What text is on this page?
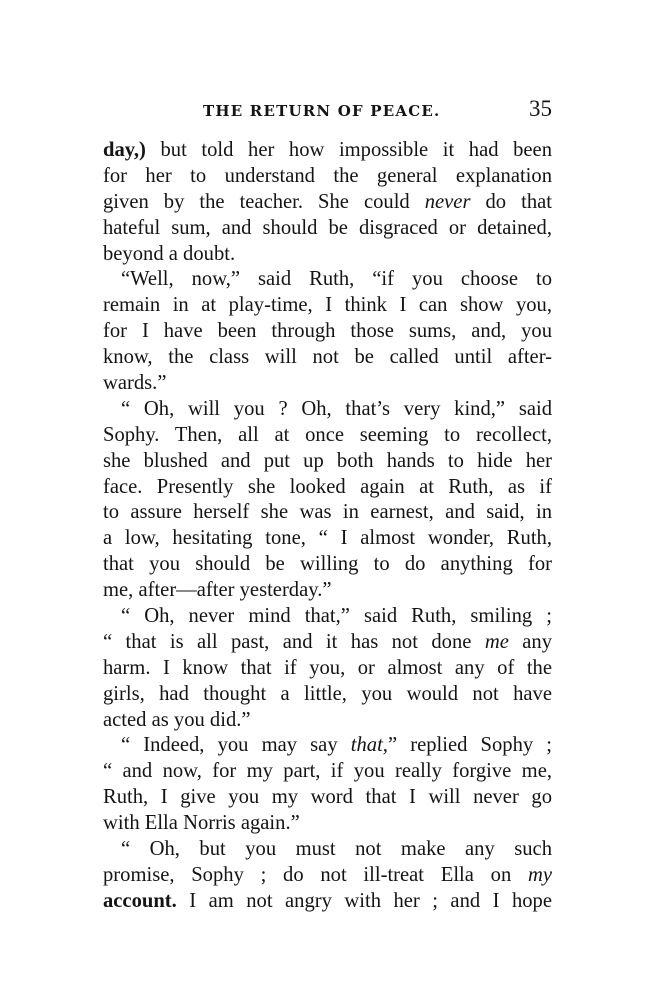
THE RETURN OF PEACE.	35
day,) but told her how impossible it had been
for her to understand the general explanation
given by the teacher. She could never do that
hateful sum, and should be disgraced or detained,
beyond a doubt.
“Well, now,” said Ruth, “if you choose to
remain in at play-time, I think I can show you,
for I have been through those sums, and, you
know, the class will not be called until after-
wards.”
“ Oh, will you ? Oh, that’s very kind,” said
Sophy. Then, all at once seeming to recollect,
she blushed and put up both hands to hide her
face. Presently she looked again at Ruth, as if
to assure herself she was in earnest, and said, in
a low, hesitating tone, “ I almost wonder, Ruth,
that you should be willing to do anything for
me, after—after yesterday.”
“ Oh, never mind that,” said Ruth, smiling ;
“ that is all past, and it has not done me any
harm. I know that if you, or almost any of the
girls, had thought a little, you would not have
acted as you did.”
“ Indeed, you may say that,” replied Sophy ;
“ and now, for my part, if you really forgive me,
Ruth, I give you my word that I will never go
with Ella Norris again.”
“ Oh, but you must not make any such
promise, Sophy ; do not ill-treat Ella on my
account. I am not angry with her ; and I hope
